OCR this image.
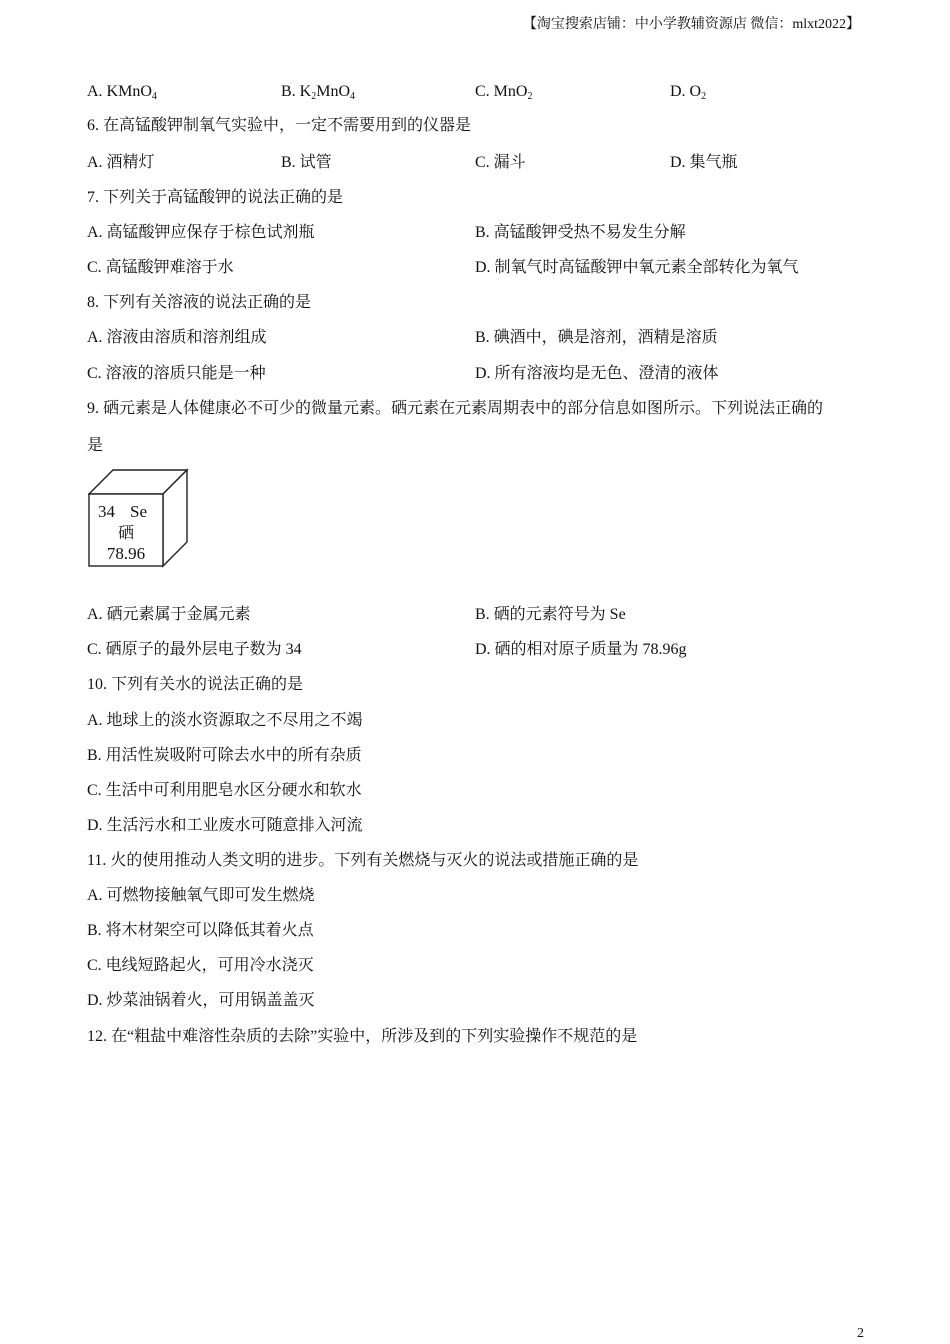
【淘宝搜索店铺：中小学教辅资源店 微信：mlxt2022】
A. KMnO$_4$	B. $K_2MnO_4$	C. MnO$_2$	D. $O_2$
6. 在高锰酸钾制氧气实验中，一定不需要用到的仪器是
A. 酒精灯	B. 试管	C. 漏斗	D. 集气瓶
7. 下列关于高锰酸钾的说法正确的是
A. 高锰酸钾应保存于棕色试剂瓶	B. 高锰酸钾受热不易发生分解
C. 高锰酸钾难溶于水	D. 制氧气时高锰酸钾中氧元素全部转化为氧气
8. 下列有关溶液的说法正确的是
A. 溶液由溶质和溶剂组成	B. 碘酒中，碘是溶剂，酒精是溶质
C. 溶液的溶质只能是一种	D. 所有溶液均是无色、澄清的液体
9. 硒元素是人体健康必不可少的微量元素。硒元素在元素周期表中的部分信息如图所示。下列说法正确的
是
34 Se
硒
78.96
A. 硒元素属于金属元素	B. 硒的元素符号为 Se
C. 硒原子的最外层电子数为 34	D. 硒的相对原子质量为 78.96g
10. 下列有关水的说法正确的是
A. 地球上的淡水资源取之不尽用之不竭
B. 用活性炭吸附可除去水中的所有杂质
C. 生活中可利用肥皂水区分硬水和软水
D. 生活污水和工业废水可随意排入河流
11. 火的使用推动人类文明的进步。下列有关燃烧与灭火的说法或措施正确的是
A. 可燃物接触氧气即可发生燃烧
B. 将木材架空可以降低其着火点
C. 电线短路起火，可用冷水浇灭
D. 炒菜油锅着火，可用锅盖盖灭
12. 在“粗盐中难溶性杂质的去除”实验中，所涉及到的下列实验操作不规范的是
2
